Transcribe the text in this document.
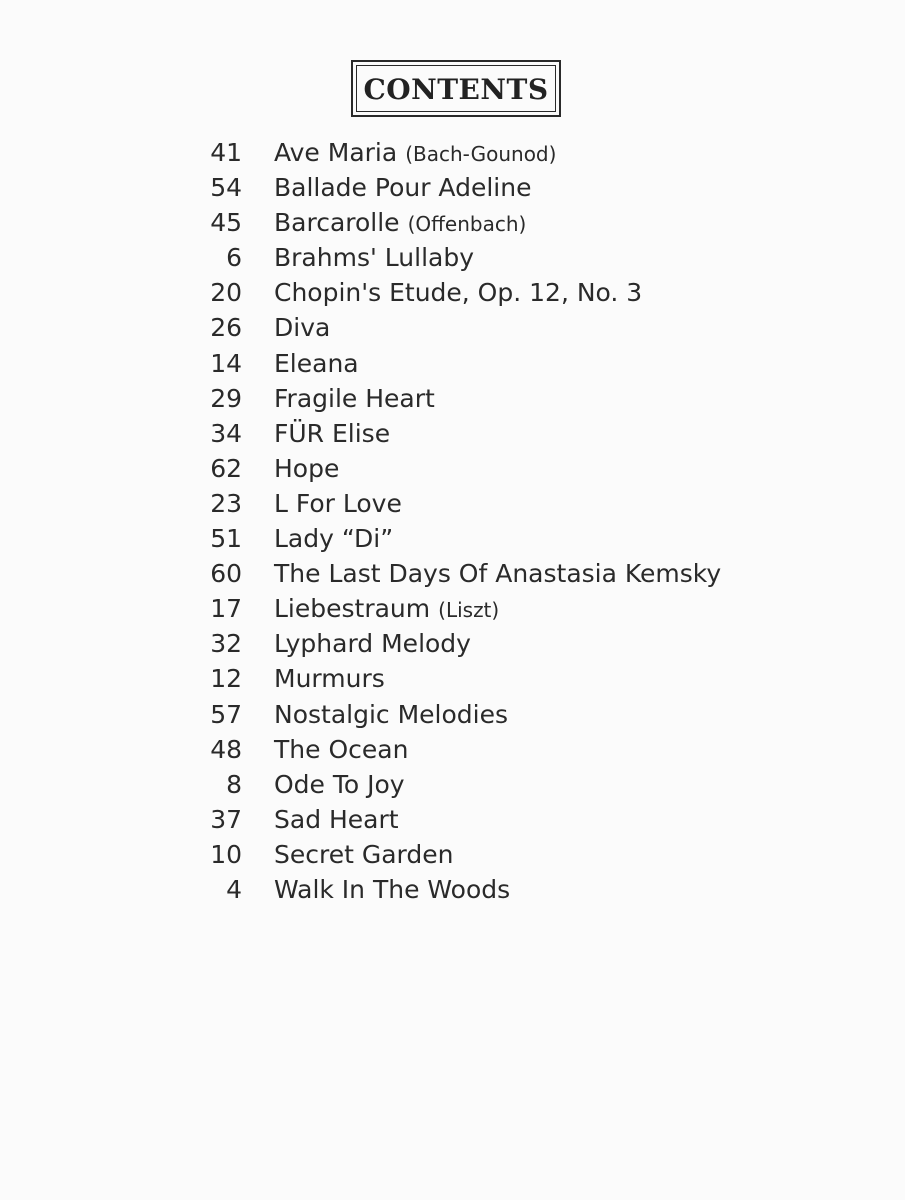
CONTENTS
41 Ave Maria (Bach-Gounod)
54 Ballade Pour Adeline
45 Barcarolle (Offenbach)
6 Brahms' Lullaby
20 Chopin's Etude, Op. 12, No. 3
26 Diva
14 Eleana
29 Fragile Heart
34 FÜR Elise
62 Hope
23 L For Love
51 Lady “Di”
60 The Last Days Of Anastasia Kemsky
17 Liebestraum (Liszt)
32 Lyphard Melody
12 Murmurs
57 Nostalgic Melodies
48 The Ocean
8 Ode To Joy
37 Sad Heart
10 Secret Garden
4 Walk In The Woods
